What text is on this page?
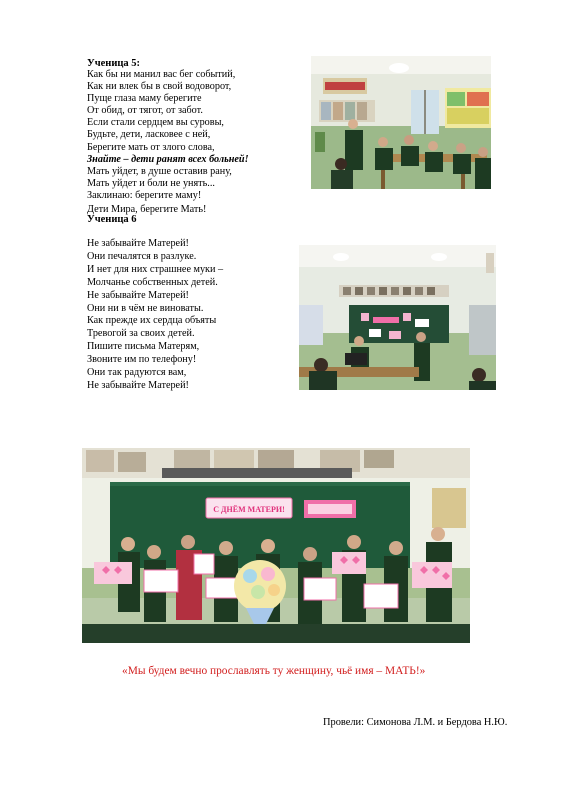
Ученица 5:
Как бы ни манил вас бег событий,
Как ни влек бы в свой водоворот,
Пуще глаза маму берегите
От обид, от тягот, от забот.
Если стали сердцем вы суровы,
Будьте, дети, ласковее с ней,
Берегите мать от злого слова,
Знайте – дети ранят всех больней!
Мать уйдет, в душе оставив рану,
Мать уйдет и боли не унять...
Заклинаю: берегите маму!
Дети Мира, берегите Мать!
Ученица 6
Не забывайте Матерей!
Они печалятся в разлуке.
И нет для них страшнее муки –
Молчанье собственных детей.
Не забывайте Матерей!
Они ни в чём не виноваты.
Как прежде их сердца объяты
Тревогой за своих детей.
Пишите письма Матерям,
Звоните им по телефону!
Они так радуются вам,
Не забывайте Матерей!
С ДНЁМ МАТЕРИ!
«Мы будем вечно прославлять ту женщину, чьё имя – МАТЬ!»
Провели: Симонова Л.М. и Бердова Н.Ю.
